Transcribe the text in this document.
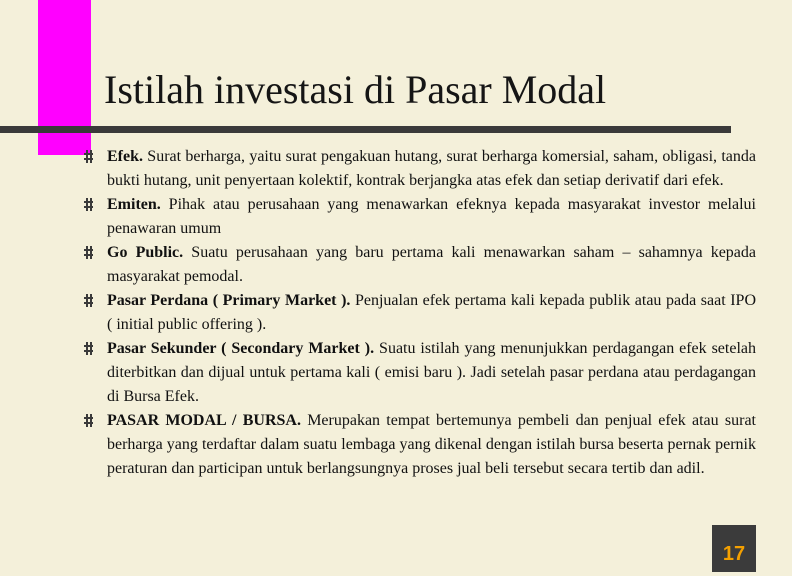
Istilah investasi di Pasar Modal
Efek. Surat berharga, yaitu surat pengakuan hutang, surat berharga komersial, saham, obligasi, tanda bukti hutang, unit penyertaan kolektif, kontrak berjangka atas efek dan setiap derivatif dari efek.
Emiten. Pihak atau perusahaan yang menawarkan efeknya kepada masyarakat investor melalui penawaran umum
Go Public. Suatu perusahaan yang baru pertama kali menawarkan saham – sahamnya kepada masyarakat pemodal.
Pasar Perdana ( Primary Market ). Penjualan efek pertama kali kepada publik atau pada saat IPO ( initial public offering ).
Pasar Sekunder ( Secondary Market ). Suatu istilah yang menunjukkan perdagangan efek setelah diterbitkan dan dijual untuk pertama kali ( emisi baru ). Jadi setelah pasar perdana atau perdagangan di Bursa Efek.
PASAR MODAL / BURSA. Merupakan tempat bertemunya pembeli dan penjual efek atau surat berharga yang terdaftar dalam suatu lembaga yang dikenal dengan istilah bursa beserta pernak pernik peraturan dan participan untuk berlangsungnya proses jual beli tersebut secara tertib dan adil.
17
